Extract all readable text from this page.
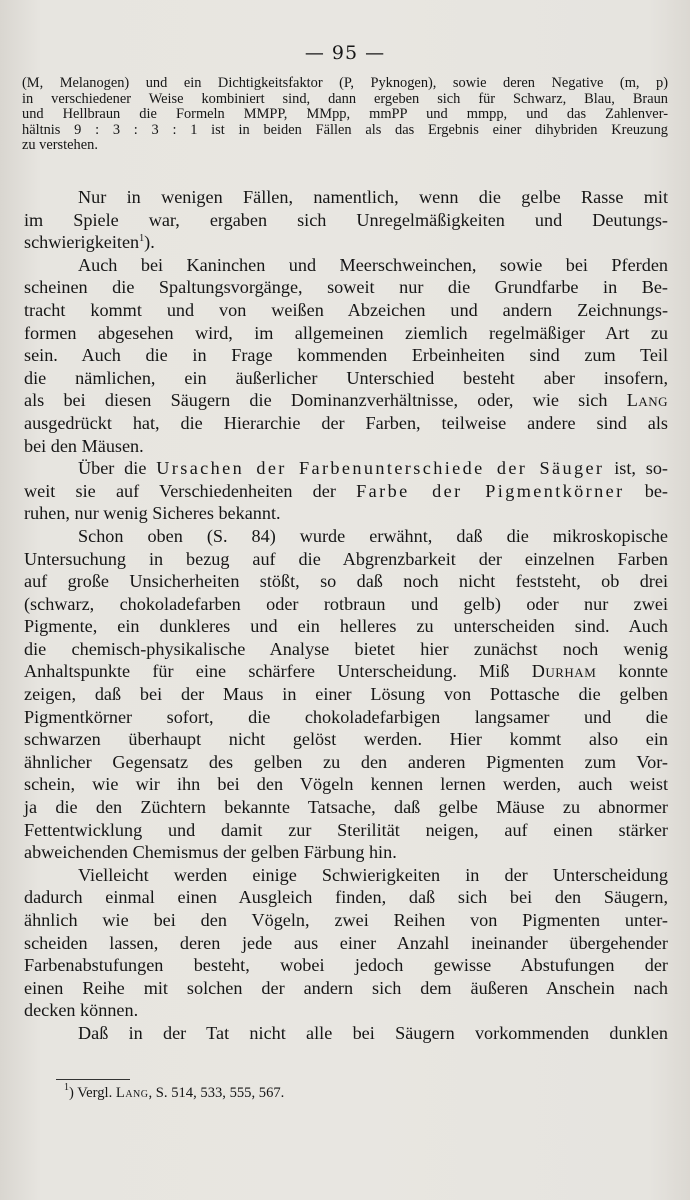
— 95 —
(M, Melanogen) und ein Dichtigkeitsfaktor (P, Pyknogen), sowie deren Negative (m, p)
in verschiedener Weise kombiniert sind, dann ergeben sich für Schwarz, Blau, Braun
und Hellbraun die Formeln MMPP, MMpp, mmPP und mmpp, und das Zahlenver-
hältnis 9 : 3 : 3 : 1 ist in beiden Fällen als das Ergebnis einer dihybriden Kreuzung
zu verstehen.
Nur in wenigen Fällen, namentlich, wenn die gelbe Rasse mit
im Spiele war, ergaben sich Unregelmäßigkeiten und Deutungs-
schwierigkeiten$^1$).
Auch bei Kaninchen und Meerschweinchen, sowie bei Pferden
scheinen die Spaltungsvorgänge, soweit nur die Grundfarbe in Be-
tracht kommt und von weißen Abzeichen und andern Zeichnungs-
formen abgesehen wird, im allgemeinen ziemlich regelmäßiger Art zu
sein. Auch die in Frage kommenden Erbeinheiten sind zum Teil
die nämlichen, ein äußerlicher Unterschied besteht aber insofern,
als bei diesen Säugern die Dominanzverhältnisse, oder, wie sich Lang
ausgedrückt hat, die Hierarchie der Farben, teilweise andere sind als
bei den Mäusen.
Über die Ursachen der Farbenunterschiede der Säuger ist, so-
weit sie auf Verschiedenheiten der Farbe der Pigmentkörner be-
ruhen, nur wenig Sicheres bekannt.
Schon oben (S. 84) wurde erwähnt, daß die mikroskopische
Untersuchung in bezug auf die Abgrenzbarkeit der einzelnen Farben
auf große Unsicherheiten stößt, so daß noch nicht feststeht, ob drei
(schwarz, chokoladefarben oder rotbraun und gelb) oder nur zwei
Pigmente, ein dunkleres und ein helleres zu unterscheiden sind. Auch
die chemisch-physikalische Analyse bietet hier zunächst noch wenig
Anhaltspunkte für eine schärfere Unterscheidung. Miß Durham konnte
zeigen, daß bei der Maus in einer Lösung von Pottasche die gelben
Pigmentkörner sofort, die chokoladefarbigen langsamer und die
schwarzen überhaupt nicht gelöst werden. Hier kommt also ein
ähnlicher Gegensatz des gelben zu den anderen Pigmenten zum Vor-
schein, wie wir ihn bei den Vögeln kennen lernen werden, auch weist
ja die den Züchtern bekannte Tatsache, daß gelbe Mäuse zu abnormer
Fettentwicklung und damit zur Sterilität neigen, auf einen stärker
abweichenden Chemismus der gelben Färbung hin.
Vielleicht werden einige Schwierigkeiten in der Unterscheidung
dadurch einmal einen Ausgleich finden, daß sich bei den Säugern,
ähnlich wie bei den Vögeln, zwei Reihen von Pigmenten unter-
scheiden lassen, deren jede aus einer Anzahl ineinander übergehender
Farbenabstufungen besteht, wobei jedoch gewisse Abstufungen der
einen Reihe mit solchen der andern sich dem äußeren Anschein nach
decken können.
Daß in der Tat nicht alle bei Säugern vorkommenden dunklen
$^1$) Vergl. Lang, S. 514, 533, 555, 567.
